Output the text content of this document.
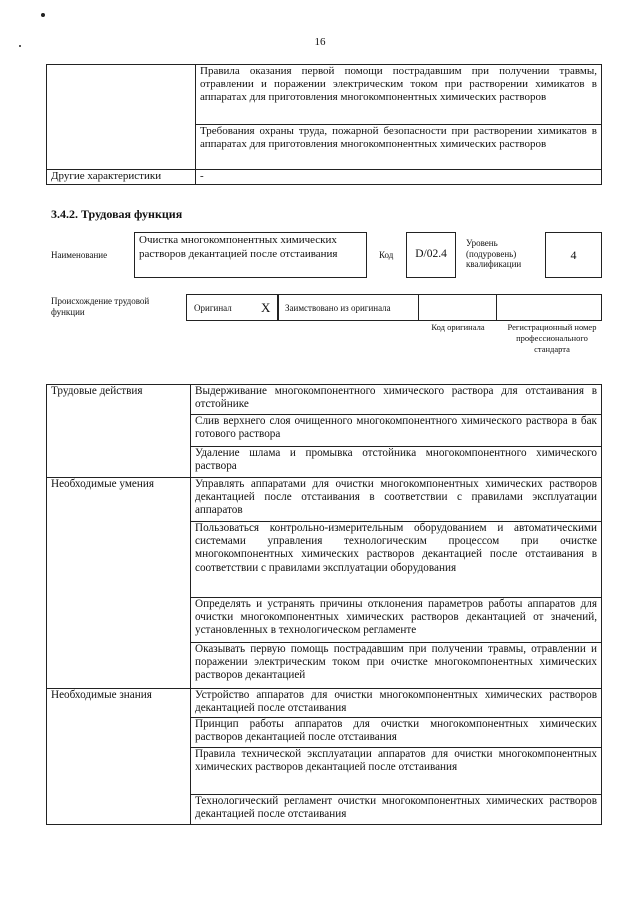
16
	Правила оказания первой помощи пострадавшим при получении травмы, отравлении и поражении электрическим током при растворении химикатов в аппаратах для приготовления многокомпонентных химических растворов
	Требования охраны труда, пожарной безопасности при растворении химикатов в аппаратах для приготовления многокомпонентных химических растворов
Другие характеристики	-
3.4.2. Трудовая функция
Наименование
Очистка многокомпонентных химических растворов декантацией после отстаивания	Код	D/02.4
Уровень (подуровень) квалификации
4
Происхождение трудовой функции	Оригинал X Заимствовано из оригинала
Код оригинала	Регистрационный номер профессионального стандарта
Трудовые действия	Выдерживание многокомпонентного химического раствора для отстаивания в отстойнике
	Слив верхнего слоя очищенного многокомпонентного химического раствора в бак готового раствора
	Удаление шлама и промывка отстойника многокомпонентного химического раствора
Необходимые умения	Управлять аппаратами для очистки многокомпонентных химических растворов декантацией после отстаивания в соответствии с правилами эксплуатации аппаратов
	Пользоваться контрольно-измерительным оборудованием и автоматическими системами управления технологическим процессом при очистке многокомпонентных химических растворов декантацией после отстаивания в соответствии с правилами эксплуатации оборудования
	Определять и устранять причины отклонения параметров работы аппаратов для очистки многокомпонентных химических растворов декантацией от значений, установленных в технологическом регламенте
	Оказывать первую помощь пострадавшим при получении травмы, отравлении и поражении электрическим током при очистке многокомпонентных химических растворов декантацией
Необходимые знания	Устройство аппаратов для очистки многокомпонентных химических растворов декантацией после отстаивания
	Принцип работы аппаратов для очистки многокомпонентных химических растворов декантацией после отстаивания
	Правила технической эксплуатации аппаратов для очистки многокомпонентных химических растворов декантацией после отстаивания
	Технологический регламент очистки многокомпонентных химических растворов декантацией после отстаивания
